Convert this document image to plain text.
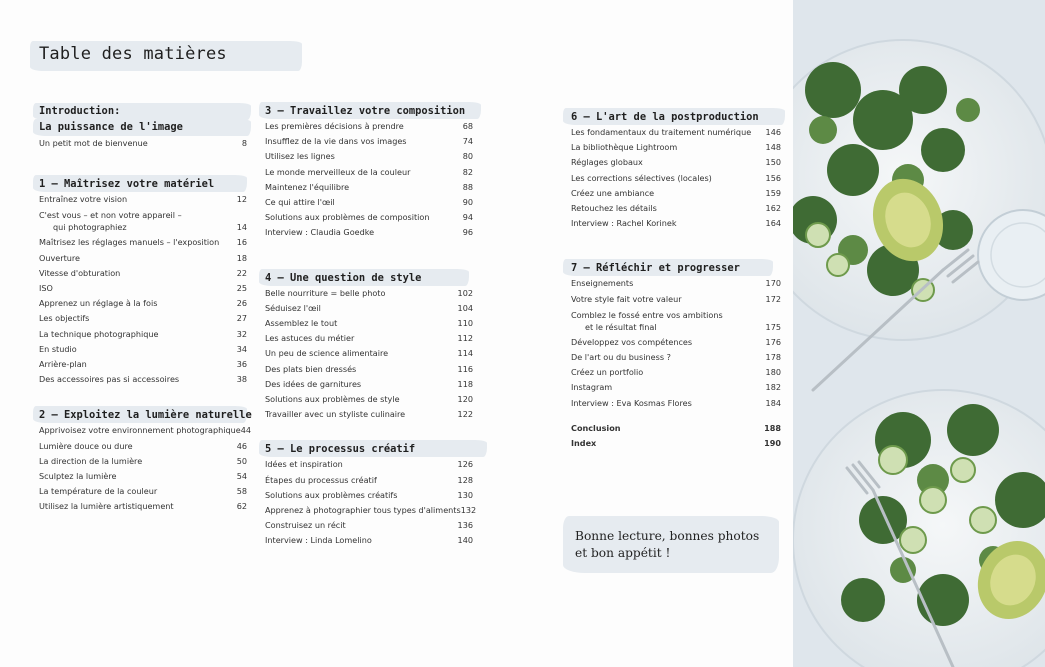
Table des matières
Introduction:
La puissance de l'image
Un petit mot de bienvenue	8
1 – Maîtrisez votre matériel
Entraînez votre vision	12
C'est vous – et non votre appareil –
qui photographiez	14
Maîtrisez les réglages manuels – l'exposition 16
Ouverture	18
Vitesse d'obturation	22
ISO	25
Apprenez un réglage à la fois	26
Les objectifs	27
La technique photographique	32
En studio	34
Arrière-plan	36
Des accessoires pas si accessoires	38
2 – Exploitez la lumière naturelle
Apprivoisez votre environnement photographique 44
Lumière douce ou dure	46
La direction de la lumière	50
Sculptez la lumière	54
La température de la couleur	58
Utilisez la lumière artistiquement	62
3 – Travaillez votre composition
Les premières décisions à prendre	68
Insufflez de la vie dans vos images	74
Utilisez les lignes	80
Le monde merveilleux de la couleur	82
Maintenez l'équilibre	88
Ce qui attire l'œil	90
Solutions aux problèmes de composition	94
Interview : Claudia Goedke	96
4 – Une question de style
Belle nourriture = belle photo	102
Séduisez l'œil	104
Assemblez le tout	110
Les astuces du métier	112
Un peu de science alimentaire	114
Des plats bien dressés	116
Des idées de garnitures	118
Solutions aux problèmes de style	120
Travailler avec un styliste culinaire	122
5 – Le processus créatif
Idées et inspiration	126
Étapes du processus créatif	128
Solutions aux problèmes créatifs	130
Apprenez à photographier tous types d'aliments 132
Construisez un récit	136
Interview : Linda Lomelino	140
6 – L'art de la postproduction
Les fondamentaux du traitement numérique 146
La bibliothèque Lightroom	148
Réglages globaux	150
Les corrections sélectives (locales)	156
Créez une ambiance	159
Retouchez les détails	162
Interview : Rachel Korinek	164
7 – Réfléchir et progresser
Enseignements	170
Votre style fait votre valeur	172
Comblez le fossé entre vos ambitions
et le résultat final	175
Développez vos compétences	176
De l'art ou du business ?	178
Créez un portfolio	180
Instagram	182
Interview : Eva Kosmas Flores	184
Conclusion	188
Index	190
Bonne lecture, bonnes photos
et bon appétit !
